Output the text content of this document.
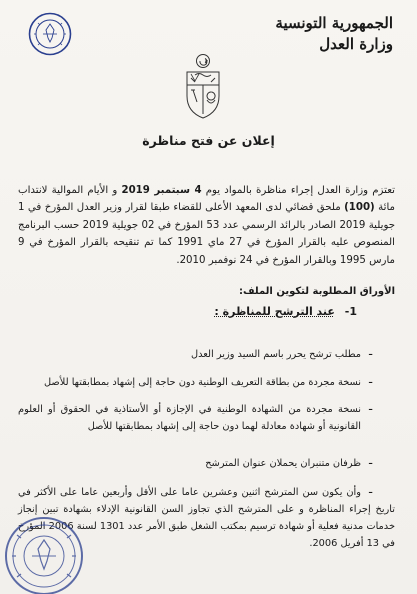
الجمهورية التونسية
وزارة العدل
إعلان عن فتح مناظرة
تعتزم وزارة العدل إجراء مناظرة بالمواد يوم 4 سبتمبر 2019 و الأيام الموالية لانتداب مائة (100) ملحق قضائي لدى المعهد الأعلى للقضاء طبقا لقرار وزير العدل المؤرخ في 1 جويلية 2019 الصادر بالرائد الرسمي عدد 53 المؤرخ في 02 جويلية 2019 حسب البرنامج المنصوص عليه بالقرار المؤرخ في 27 ماي 1991 كما تم تنقيحه بالقرار المؤرخ في 9 مارس 1995 وبالقرار المؤرخ في 24 نوفمبر 2010.
الأوراق المطلوبة لتكوين الملف:
1- عند الترشح للمناظرة :
-
مطلب ترشح يحرر باسم السيد وزير العدل
-
نسخة مجردة من بطاقة التعريف الوطنية دون حاجة إلى إشهاد بمطابقتها للأصل
-
نسخة مجردة من الشهادة الوطنية في الإجازة أو الأستاذية في الحقوق أو العلوم القانونية أو شهادة معادلة لهما دون حاجة إلى إشهاد بمطابقتها للأصل
-
ظرفان متنبران يحملان عنوان المترشح
-
وأن يكون سن المترشح اثنين وعشرين عاما على الأقل وأربعين عاما على الأكثر في تاريخ إجراء المناظرة و على المترشح الذي تجاوز السن القانونية الإدلاء بشهادة تبين إنجاز خدمات مدنية فعلية أو شهادة ترسيم بمكتب الشغل طبق الأمر عدد 1301 لسنة 2006 المؤرخ في 13 أفريل 2006.
